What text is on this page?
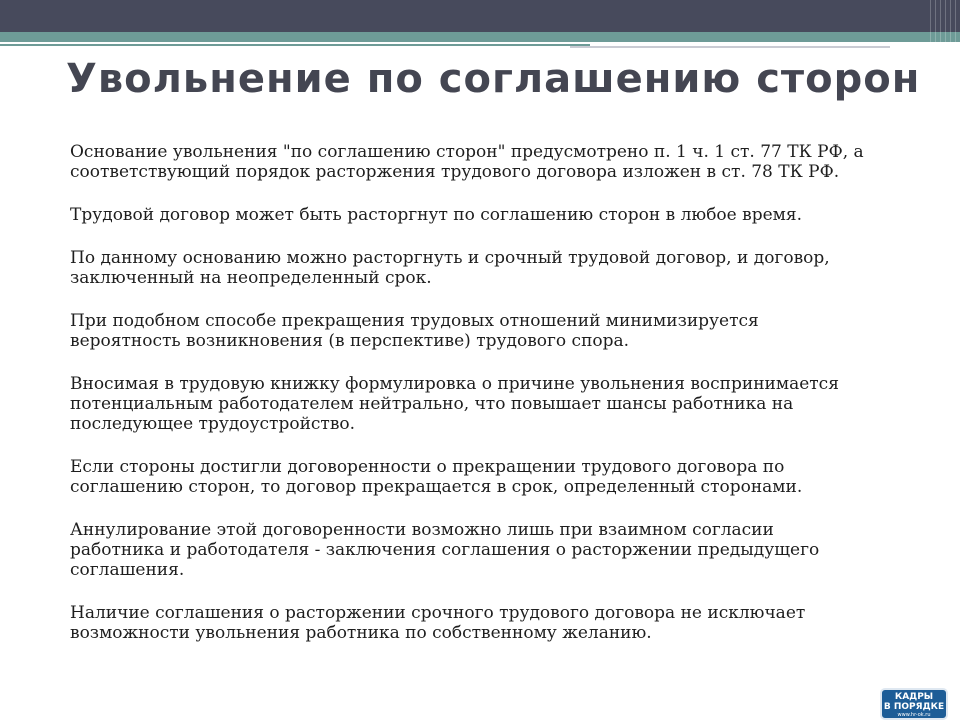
Увольнение по соглашению сторон

Основание увольнения "по соглашению сторон" предусмотрено п. 1 ч. 1 ст. 77 ТК РФ, а
соответствующий порядок расторжения трудового договора изложен в ст. 78 ТК РФ.

Трудовой договор может быть расторгнут по соглашению сторон в любое время.

По данному основанию можно расторгнуть и срочный трудовой договор, и договор,
заключенный на неопределенный срок.

При подобном способе прекращения трудовых отношений минимизируется
вероятность возникновения (в перспективе) трудового спора.

Вносимая в трудовую книжку формулировка о причине увольнения воспринимается
потенциальным работодателем нейтрально, что повышает шансы работника на
последующее трудоустройство.

Если стороны достигли договоренности о прекращении трудового договора по
соглашению сторон, то договор прекращается в срок, определенный сторонами.

Аннулирование этой договоренности возможно лишь при взаимном согласии
работника и работодателя - заключения соглашения о расторжении предыдущего
соглашения.

Наличие соглашения о расторжении срочного трудового договора не исключает
возможности увольнения работника по собственному желанию.

КАДРЫ
В ПОРЯДКЕ
www.hr-ok.ru
